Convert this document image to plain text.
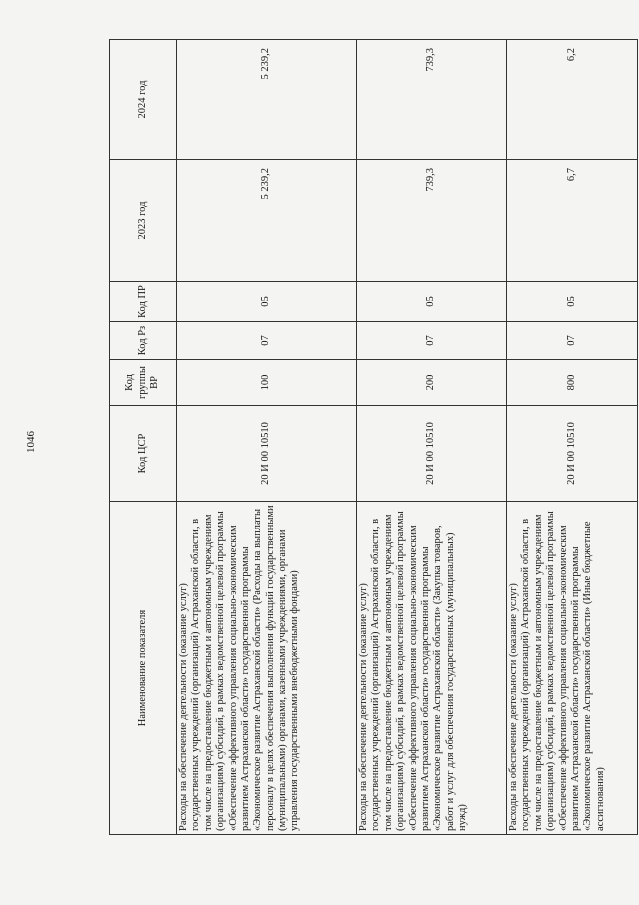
1046
Наименование показателя	Код ЦСР	Код группы ВР	Код Рз	Код ПР	2023 год	2024 год
Расходы на обеспечение деятельности (оказание услуг) государственных учреждений (организаций) Астраханской области, в том числе на предоставление бюджетным и автономным учреждениям (организациям) субсидий, в рамках ведомственной целевой программы «Обеспечение эффективного управления социально-экономическим развитием Астраханской области» государственной программы «Экономическое развитие Астраханской области» (Расходы на выплаты персоналу в целях обеспечения выполнения функций государственными (муниципальными) органами, казенными учреждениями, органами управления государственными внебюджетными фондами)	20 И 00 10510	100	07	05	5 239,2	5 239,2
Расходы на обеспечение деятельности (оказание услуг) государственных учреждений (организаций) Астраханской области, в том числе на предоставление бюджетным и автономным учреждениям (организациям) субсидий, в рамках ведомственной целевой программы «Обеспечение эффективного управления социально-экономическим развитием Астраханской области» государственной программы «Экономическое развитие Астраханской области» (Закупка товаров, работ и услуг для обеспечения государственных (муниципальных) нужд)	20 И 00 10510	200	07	05	739,3	739,3
Расходы на обеспечение деятельности (оказание услуг) государственных учреждений (организаций) Астраханской области, в том числе на предоставление бюджетным и автономным учреждениям (организациям) субсидий, в рамках ведомственной целевой программы «Обеспечение эффективного управления социально-экономическим развитием Астраханской области» государственной программы «Экономическое развитие Астраханской области» (Иные бюджетные ассигнования)	20 И 00 10510	800	07	05	6,7	6,2
